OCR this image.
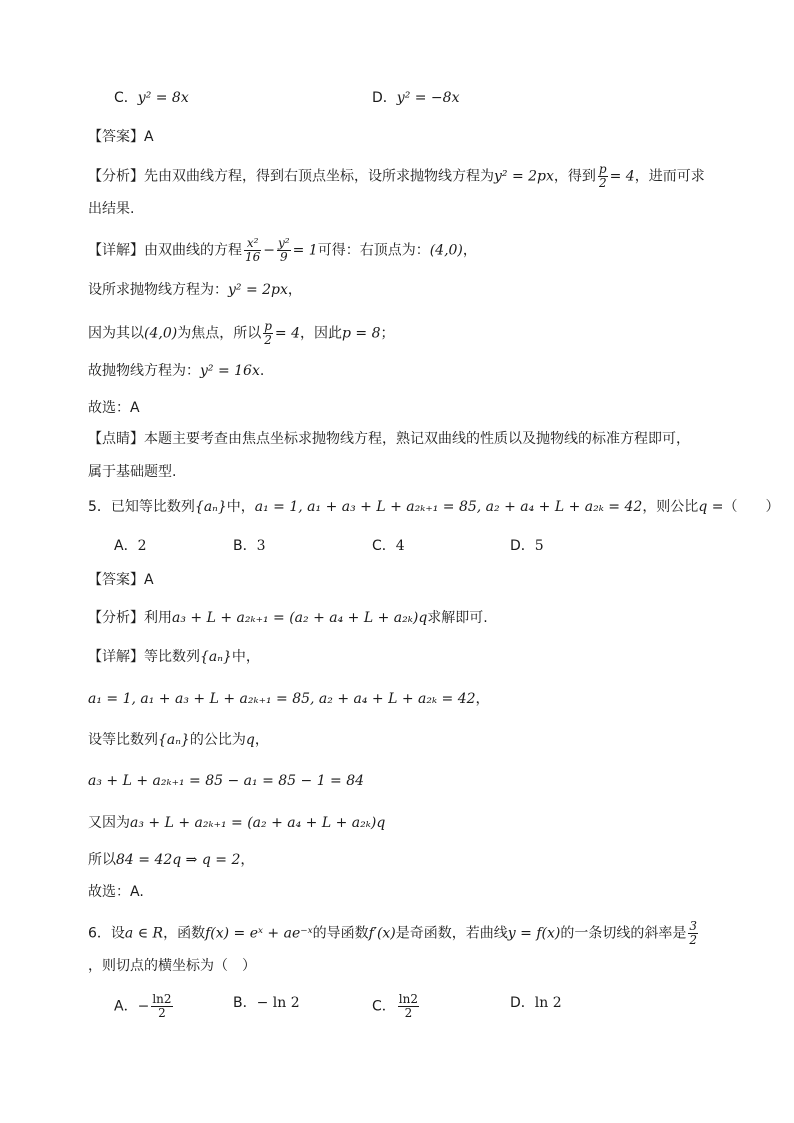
C．y² = 8x	D．y² = −8x
【答案】A
【分析】先由双曲线方程，得到右顶点坐标，设所求抛物线方程为y² = 2px，得到 $\frac{p}{2} = 4$，进而可求
出结果.
【详解】由双曲线的方程 $\frac{\text{x²}}{16} - \frac{\text{y²}}{9} = 1$可得：右顶点为：(4,0)，
设所求抛物线方程为：y² = 2px，
因为其以(4,0)为焦点，所以 $\frac{p}{2} = 4$，因此p = 8；
故抛物线方程为：y² = 16x.
故选：A
【点睛】本题主要考查由焦点坐标求抛物线方程，熟记双曲线的性质以及抛物线的标准方程即可，
属于基础题型.
5．已知等比数列{aₙ}中，a₁ = 1, a₁ + a₃ + L + a₂ₖ₊₁ = 85, a₂ + a₄ + L + a₂ₖ = 42，则公比q =（　　）
A．2	B．3	C．4	D．5
【答案】A
【分析】利用a₃ + L + a₂ₖ₊₁ = (a₂ + a₄ + L + a₂ₖ)q求解即可.
【详解】等比数列{aₙ}中，
a₁ = 1, a₁ + a₃ + L + a₂ₖ₊₁ = 85, a₂ + a₄ + L + a₂ₖ = 42，
设等比数列{aₙ}的公比为q，
a₃ + L + a₂ₖ₊₁ = 85 − a₁ = 85 − 1 = 84
又因为a₃ + L + a₂ₖ₊₁ = (a₂ + a₄ + L + a₂ₖ)q
所以84 = 42q ⇒ q = 2，
故选：A.
6．设a ∈ R，函数f(x) = eˣ + ae⁻ˣ的导函数f′(x)是奇函数，若曲线y = f(x)的一条切线的斜率是 $\frac{3}{2}$
，则切点的横坐标为（　）
A．− $\frac{\ln 2}{2}$	B．− ln 2	C． $\frac{\ln 2}{2}$	D．ln 2
